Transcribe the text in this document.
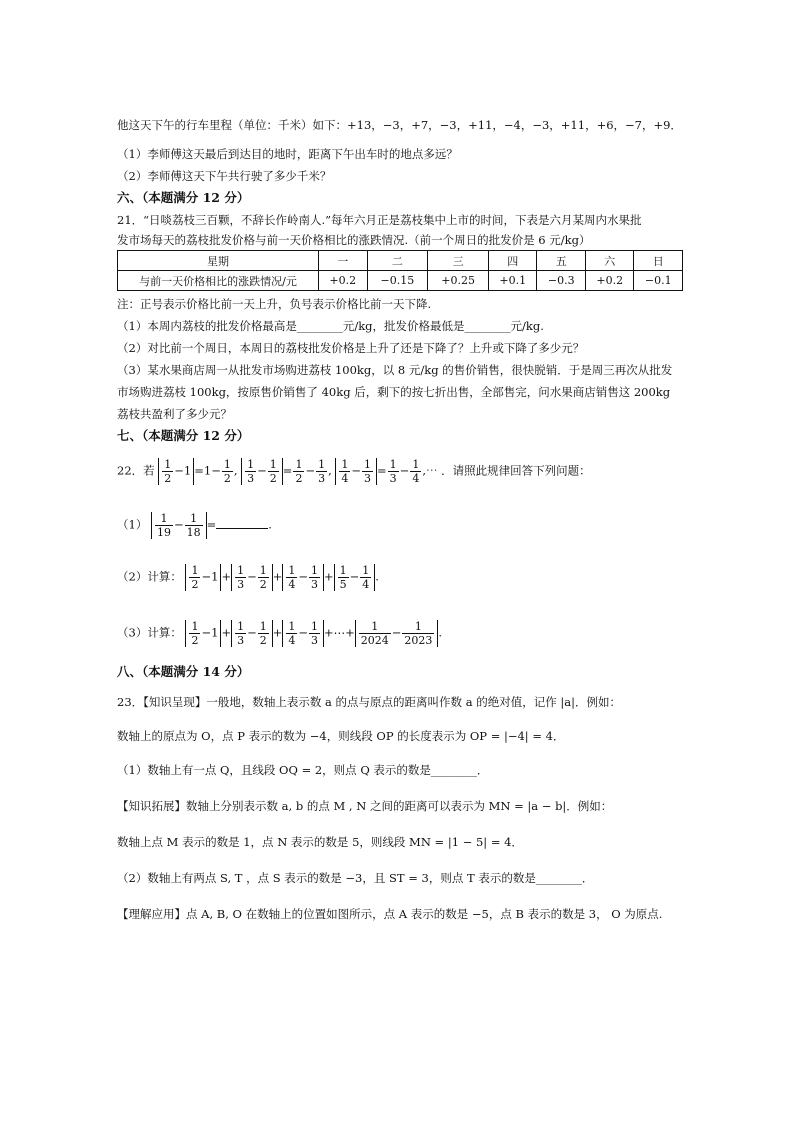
他这天下午的行车里程（单位：千米）如下：+13，−3，+7，−3，+11，−4，−3，+11，+6，−7，+9．
（1）李师傅这天最后到达目的地时，距离下午出车时的地点多远？
（2）李师傅这天下午共行驶了多少千米？
六、（本题满分 12 分）
21．“日啖荔枝三百颗，不辞长作岭南人.”每年六月正是荔枝集中上市的时间，下表是六月某周内水果批
发市场每天的荔枝批发价格与前一天价格相比的涨跌情况.（前一个周日的批发价是 6 元/kg）
星期	一	二	三	四	五	六	日
与前一天价格相比的涨跌情况/元	+0.2	−0.15	+0.25	+0.1	−0.3	+0.2	−0.1
注：正号表示价格比前一天上升，负号表示价格比前一天下降.
（1）本周内荔枝的批发价格最高是________元/kg，批发价格最低是________元/kg.
（2）对比前一个周日，本周日的荔枝批发价格是上升了还是下降了？上升或下降了多少元？
（3）某水果商店周一从批发市场购进荔枝 100kg，以 8 元/kg 的售价销售，很快脱销．于是周三再次从批发
市场购进荔枝 100kg，按原售价销售了 40kg 后，剩下的按七折出售，全部售完，问水果商店销售这 200kg
荔枝共盈利了多少元？
七、（本题满分 12 分）
22．若 $\frac{1}{2} -1 =1- \frac{1}{2}$ , $\frac{1}{3} - \frac{1}{2} = \frac{1}{2} - \frac{1}{3}$ , $\frac{1}{4} - \frac{1}{3} = \frac{1}{3} - \frac{1}{4}$ ,⋯ ．请照此规律回答下列问题：
$(1) \frac{1}{19} - \frac{1}{18}$ =	.
（2）计算： $\frac{1}{2} -1 + \frac{1}{3} - \frac{1}{2} + \frac{1}{4} - \frac{1}{3} + \frac{1}{5} - \frac{1}{4}$ .
（3）计算： $\frac{1}{2} -1 + \frac{1}{3} - \frac{1}{2} + \frac{1}{4} - \frac{1}{3}$ +⋯+ $\frac{1}{2024} - \frac{1}{2023}$ .
八、（本题满分 14 分）
23．【知识呈现】一般地，数轴上表示数 a 的点与原点的距离叫作数 a 的绝对值，记作 |a|．例如：
数轴上的原点为 O，点 P 表示的数为 −4，则线段 OP 的长度表示为 OP = |−4| = 4．
（1）数轴上有一点 Q，且线段 OQ = 2，则点 Q 表示的数是________．
【知识拓展】数轴上分别表示数 a, b 的点 M , N 之间的距离可以表示为 MN = |a − b|．例如：
数轴上点 M 表示的数是 1，点 N 表示的数是 5，则线段 MN = |1 − 5| = 4．
（2）数轴上有两点 S, T ，点 S 表示的数是 −3，且 ST = 3，则点 T 表示的数是________．
【理解应用】点 A, B, O 在数轴上的位置如图所示，点 A 表示的数是 −5，点 B 表示的数是 3， O 为原点.
